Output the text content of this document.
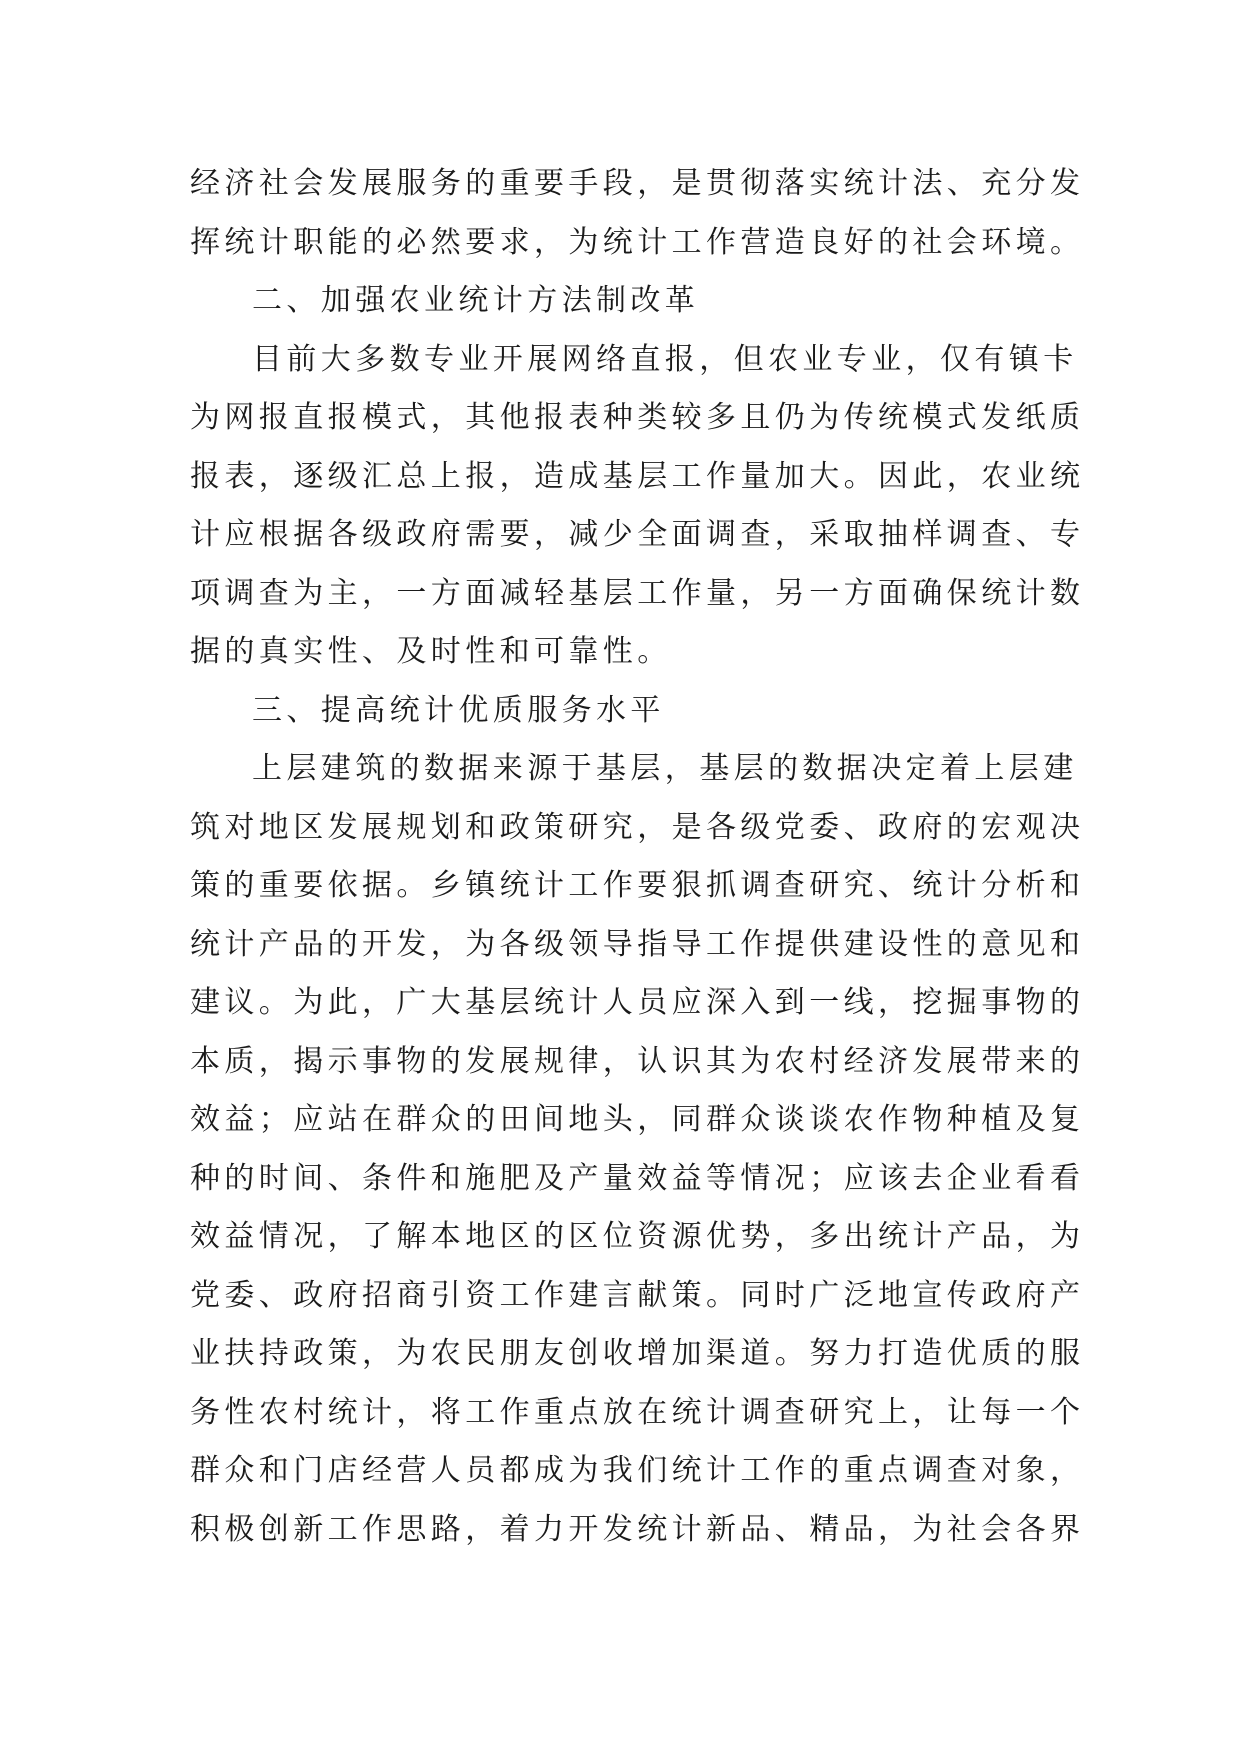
经济社会发展服务的重要手段，是贯彻落实统计法、充分发
挥统计职能的必然要求，为统计工作营造良好的社会环境。
二、加强农业统计方法制改革
目前大多数专业开展网络直报，但农业专业，仅有镇卡
为网报直报模式，其他报表种类较多且仍为传统模式发纸质
报表，逐级汇总上报，造成基层工作量加大。因此，农业统
计应根据各级政府需要，减少全面调查，采取抽样调查、专
项调查为主，一方面减轻基层工作量，另一方面确保统计数
据的真实性、及时性和可靠性。
三、提高统计优质服务水平
上层建筑的数据来源于基层，基层的数据决定着上层建
筑对地区发展规划和政策研究，是各级党委、政府的宏观决
策的重要依据。乡镇统计工作要狠抓调查研究、统计分析和
统计产品的开发，为各级领导指导工作提供建设性的意见和
建议。为此，广大基层统计人员应深入到一线，挖掘事物的
本质，揭示事物的发展规律，认识其为农村经济发展带来的
效益；应站在群众的田间地头，同群众谈谈农作物种植及复
种的时间、条件和施肥及产量效益等情况；应该去企业看看
效益情况，了解本地区的区位资源优势，多出统计产品，为
党委、政府招商引资工作建言献策。同时广泛地宣传政府产
业扶持政策，为农民朋友创收增加渠道。努力打造优质的服
务性农村统计，将工作重点放在统计调查研究上，让每一个
群众和门店经营人员都成为我们统计工作的重点调查对象，
积极创新工作思路，着力开发统计新品、精品，为社会各界
